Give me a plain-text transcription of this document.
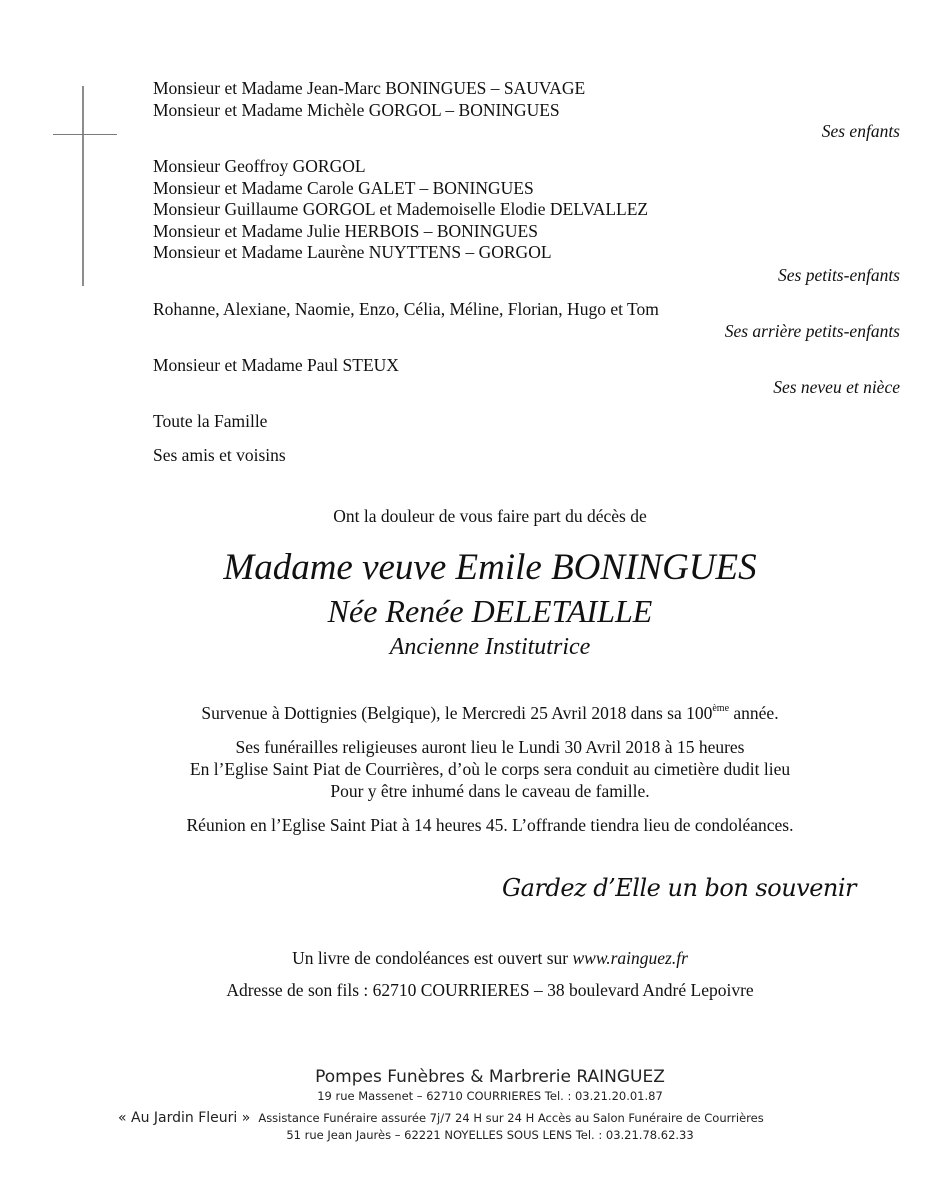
Monsieur et Madame Jean-Marc BONINGUES – SAUVAGE
Monsieur et Madame Michèle GORGOL – BONINGUES
Ses enfants
Monsieur Geoffroy GORGOL
Monsieur et Madame Carole GALET – BONINGUES
Monsieur Guillaume GORGOL et Mademoiselle Elodie DELVALLEZ
Monsieur et Madame Julie HERBOIS – BONINGUES
Monsieur et Madame Laurène NUYTTENS – GORGOL
Ses petits-enfants
Rohanne, Alexiane, Naomie, Enzo, Célia, Méline, Florian, Hugo et Tom
Ses arrière petits-enfants
Monsieur et Madame Paul STEUX
Ses neveu et nièce
Toute la Famille
Ses amis et voisins
Ont la douleur de vous faire part du décès de
Madame veuve Emile BONINGUES
Née Renée DELETAILLE
Ancienne Institutrice
Survenue à Dottignies (Belgique), le Mercredi 25 Avril 2018 dans sa 100ème année.
Ses funérailles religieuses auront lieu le Lundi 30 Avril 2018 à 15 heures
En l’Eglise Saint Piat de Courrières, d’où le corps sera conduit au cimetière dudit lieu
Pour y être inhumé dans le caveau de famille.
Réunion en l’Eglise Saint Piat à 14 heures 45. L’offrande tiendra lieu de condoléances.
Gardez d’Elle un bon souvenir
Un livre de condoléances est ouvert sur www.rainguez.fr
Adresse de son fils : 62710 COURRIERES – 38 boulevard André Lepoivre
Pompes Funèbres & Marbrerie RAINGUEZ
19 rue Massenet – 62710 COURRIERES Tel. : 03.21.20.01.87
« Au Jardin Fleuri » Assistance Funéraire assurée 7j/7 24 H sur 24 H Accès au Salon Funéraire de Courrières
51 rue Jean Jaurès – 62221 NOYELLES SOUS LENS Tel. : 03.21.78.62.33
